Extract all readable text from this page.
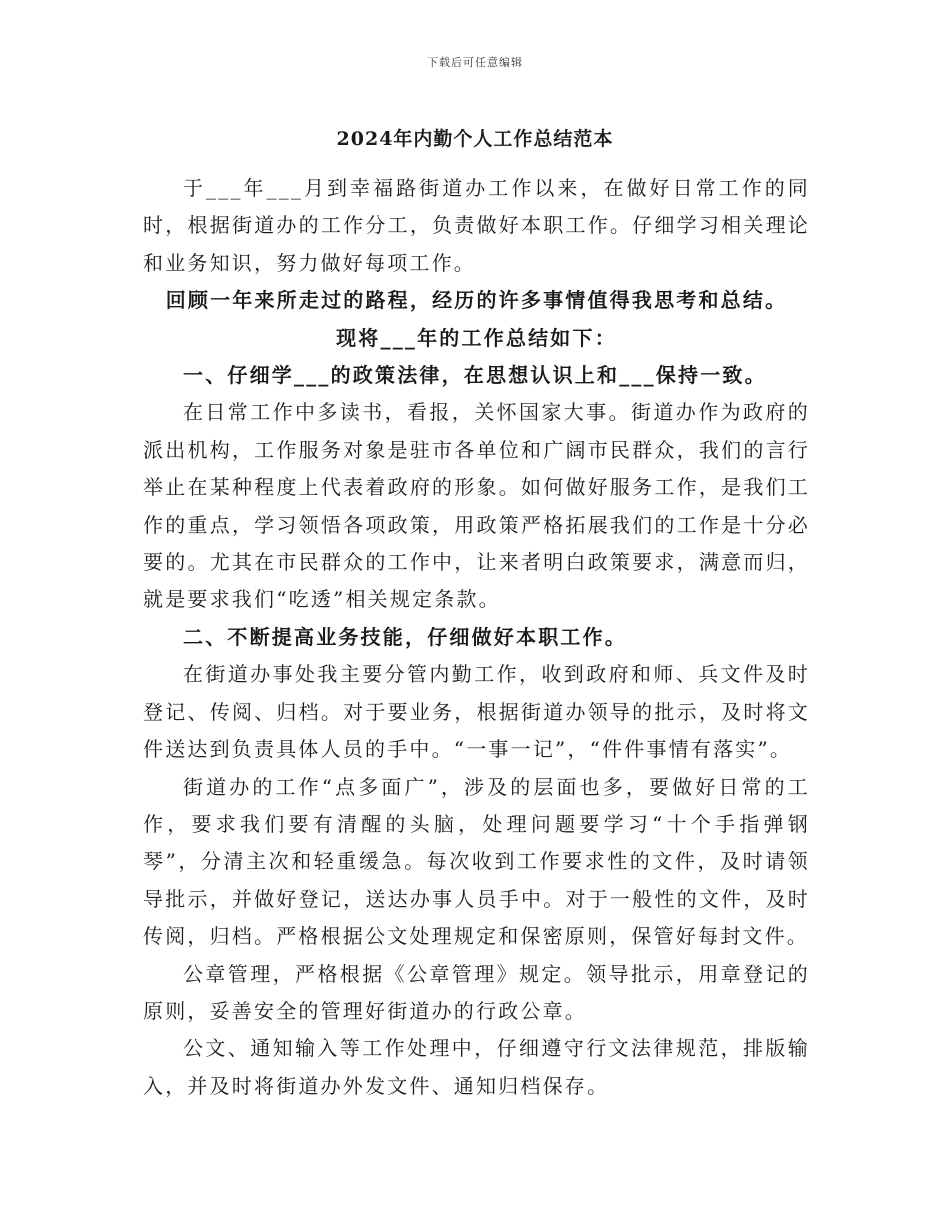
下载后可任意编辑
2024年内勤个人工作总结范本

于___年___月到幸福路街道办工作以来，在做好日常工作的同时，根据街道办的工作分工，负责做好本职工作。仔细学习相关理论和业务知识，努力做好每项工作。

回顾一年来所走过的路程，经历的许多事情值得我思考和总结。

现将___年的工作总结如下：

一、仔细学___的政策法律，在思想认识上和___保持一致。

在日常工作中多读书，看报，关怀国家大事。街道办作为政府的派出机构，工作服务对象是驻市各单位和广阔市民群众，我们的言行举止在某种程度上代表着政府的形象。如何做好服务工作，是我们工作的重点，学习领悟各项政策，用政策严格拓展我们的工作是十分必要的。尤其在市民群众的工作中，让来者明白政策要求，满意而归，就是要求我们“吃透”相关规定条款。

二、不断提高业务技能，仔细做好本职工作。

在街道办事处我主要分管内勤工作，收到政府和师、兵文件及时登记、传阅、归档。对于要业务，根据街道办领导的批示，及时将文件送达到负责具体人员的手中。“一事一记”，“件件事情有落实”。

街道办的工作“点多面广”，涉及的层面也多，要做好日常的工作，要求我们要有清醒的头脑，处理问题要学习“十个手指弹钢琴”，分清主次和轻重缓急。每次收到工作要求性的文件，及时请领导批示，并做好登记，送达办事人员手中。对于一般性的文件，及时传阅，归档。严格根据公文处理规定和保密原则，保管好每封文件。

公章管理，严格根据《公章管理》规定。领导批示，用章登记的原则，妥善安全的管理好街道办的行政公章。

公文、通知输入等工作处理中，仔细遵守行文法律规范，排版输入，并及时将街道办外发文件、通知归档保存。
